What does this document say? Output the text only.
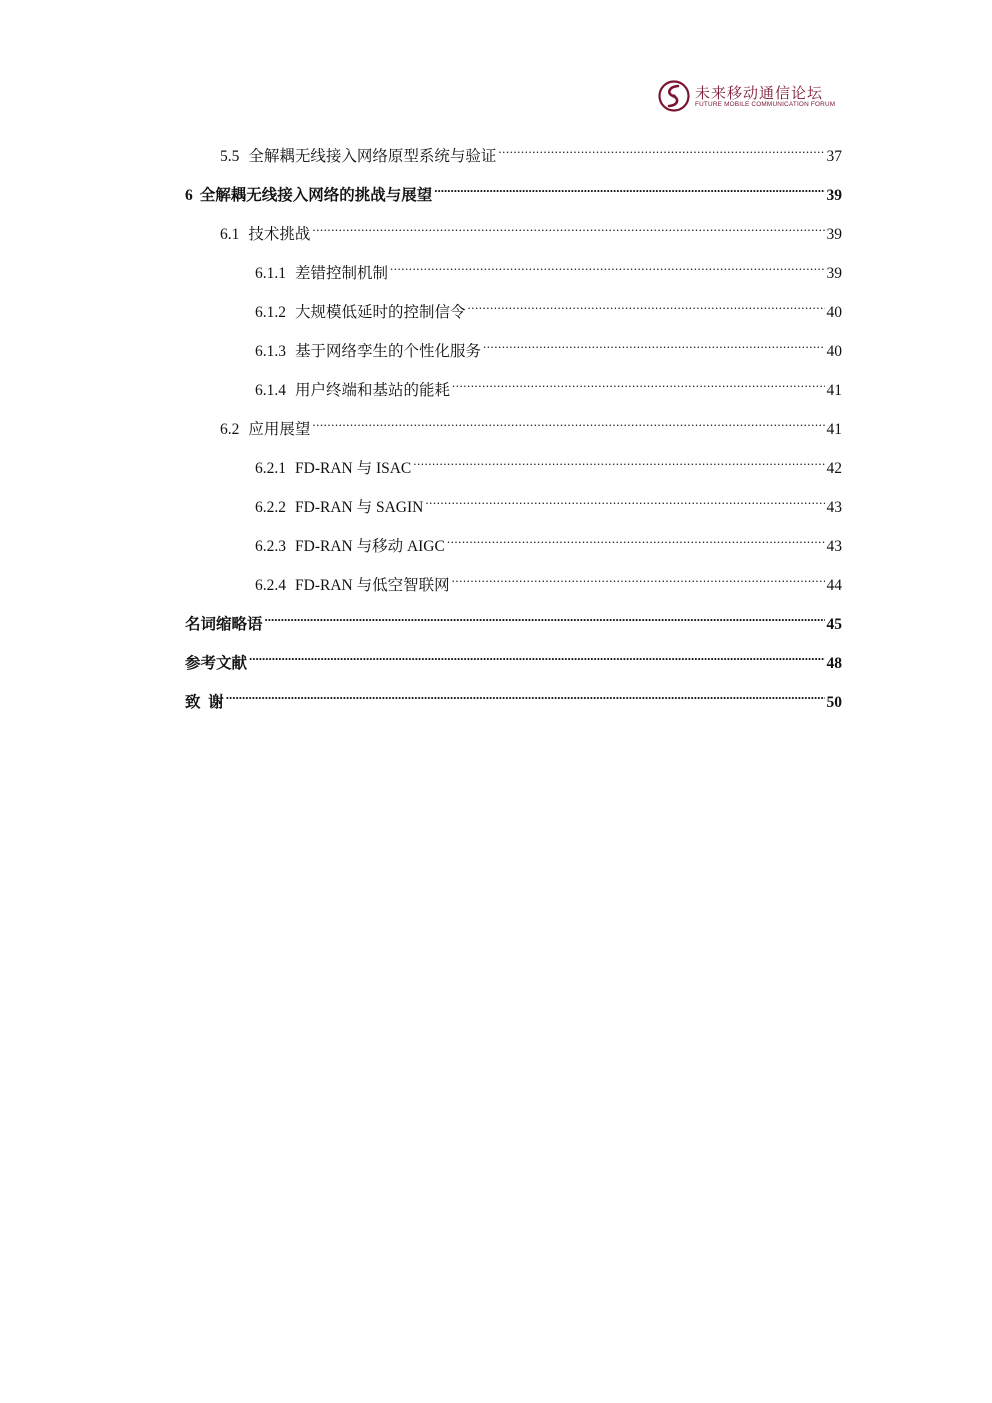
未来移动通信论坛
FUTURE MOBILE COMMUNICATION FORUM
5.5 全解耦无线接入网络原型系统与验证 .....	37
6 全解耦无线接入网络的挑战与展望 .....	39
6.1 技术挑战 .....	39
6.1.1 差错控制机制 .....	39
6.1.2 大规模低延时的控制信令 .....	40
6.1.3 基于网络孪生的个性化服务 .....	40
6.1.4 用户终端和基站的能耗 .....	41
6.2 应用展望 .....	41
6.2.1 FD-RAN 与 ISAC .....	42
6.2.2 FD-RAN 与 SAGIN .....	43
6.2.3 FD-RAN 与移动 AIGC .....	43
6.2.4 FD-RAN 与低空智联网 .....	44
名词缩略语 .....	45
参考文献 .....	48
致  谢 .....	50
